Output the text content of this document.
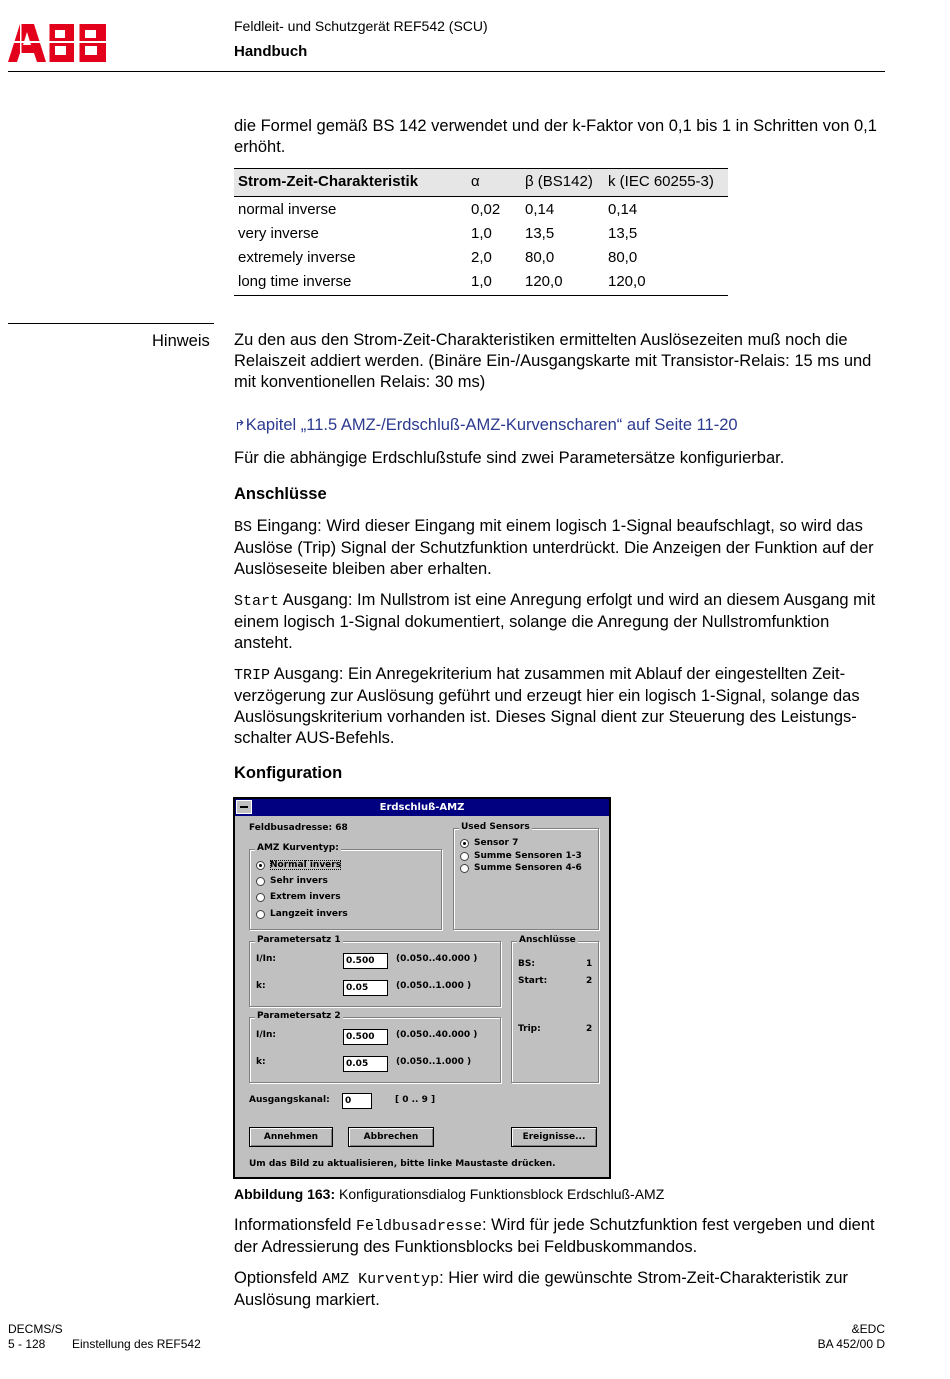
Feldleit- und Schutzgerät REF542 (SCU)
Handbuch
die Formel gemäß BS 142 verwendet und der k-Faktor von 0,1 bis 1 in Schritten von 0,1 erhöht.
Strom-Zeit-Charakteristik	α	β (BS142)	k (IEC 60255-3)
normal inverse	0,02	0,14	0,14
very inverse	1,0	13,5	13,5
extremely inverse	2,0	80,0	80,0
long time inverse	1,0	120,0	120,0
Hinweis Zu den aus den Strom-Zeit-Charakteristiken ermittelten Auslösezeiten muß noch die Relaiszeit addiert werden. (Binäre Ein-/Ausgangskarte mit Transistor-Relais: 15 ms und mit konventionellen Relais: 30 ms)
↱Kapitel „11.5 AMZ-/Erdschluß-AMZ-Kurvenscharen“ auf Seite 11-20
Für die abhängige Erdschlußstufe sind zwei Parametersätze konfigurierbar.
Anschlüsse
BS Eingang: Wird dieser Eingang mit einem logisch 1-Signal beaufschlagt, so wird das Auslöse (Trip) Signal der Schutzfunktion unterdrückt. Die Anzeigen der Funktion auf der Auslöseseite bleiben aber erhalten.
Start Ausgang: Im Nullstrom ist eine Anregung erfolgt und wird an diesem Ausgang mit einem logisch 1-Signal dokumentiert, solange die Anregung der Nullstromfunktion ansteht.
TRIP Ausgang: Ein Anregekriterium hat zusammen mit Ablauf der eingestellten Zeit-verzögerung zur Auslösung geführt und erzeugt hier ein logisch 1-Signal, solange das Auslösungskriterium vorhanden ist. Dieses Signal dient zur Steuerung des Leistungs-schalter AUS-Befehls.
Konfiguration
Erdschluß-AMZ
Feldbusadresse: 68
AMZ Kurventyp:
Normal invers
Sehr invers
Extrem invers
Langzeit invers
Used Sensors
Sensor 7
Summe Sensoren 1-3
Summe Sensoren 4-6
Parametersatz 1
I/In:	0.500	(0.050..40.000 )
k:	0.05	(0.050..1.000 )
Parametersatz 2
I/In:	0.500	(0.050..40.000 )
k:	0.05	(0.050..1.000 )
Anschlüsse
BS:	1
Start:	2
Trip:	2
Ausgangskanal:	0	[ 0 .. 9 ]
Annehmen	Abbrechen	Ereignisse...
Um das Bild zu aktualisieren, bitte linke Maustaste drücken.
Abbildung 163: Konfigurationsdialog Funktionsblock Erdschluß-AMZ
Informationsfeld Feldbusadresse: Wird für jede Schutzfunktion fest vergeben und dient der Adressierung des Funktionsblocks bei Feldbuskommandos.
Optionsfeld AMZ Kurventyp: Hier wird die gewünschte Strom-Zeit-Charakteristik zur Auslösung markiert.
DECMS/S
5 - 128 Einstellung des REF542
&EDC
BA 452/00 D
